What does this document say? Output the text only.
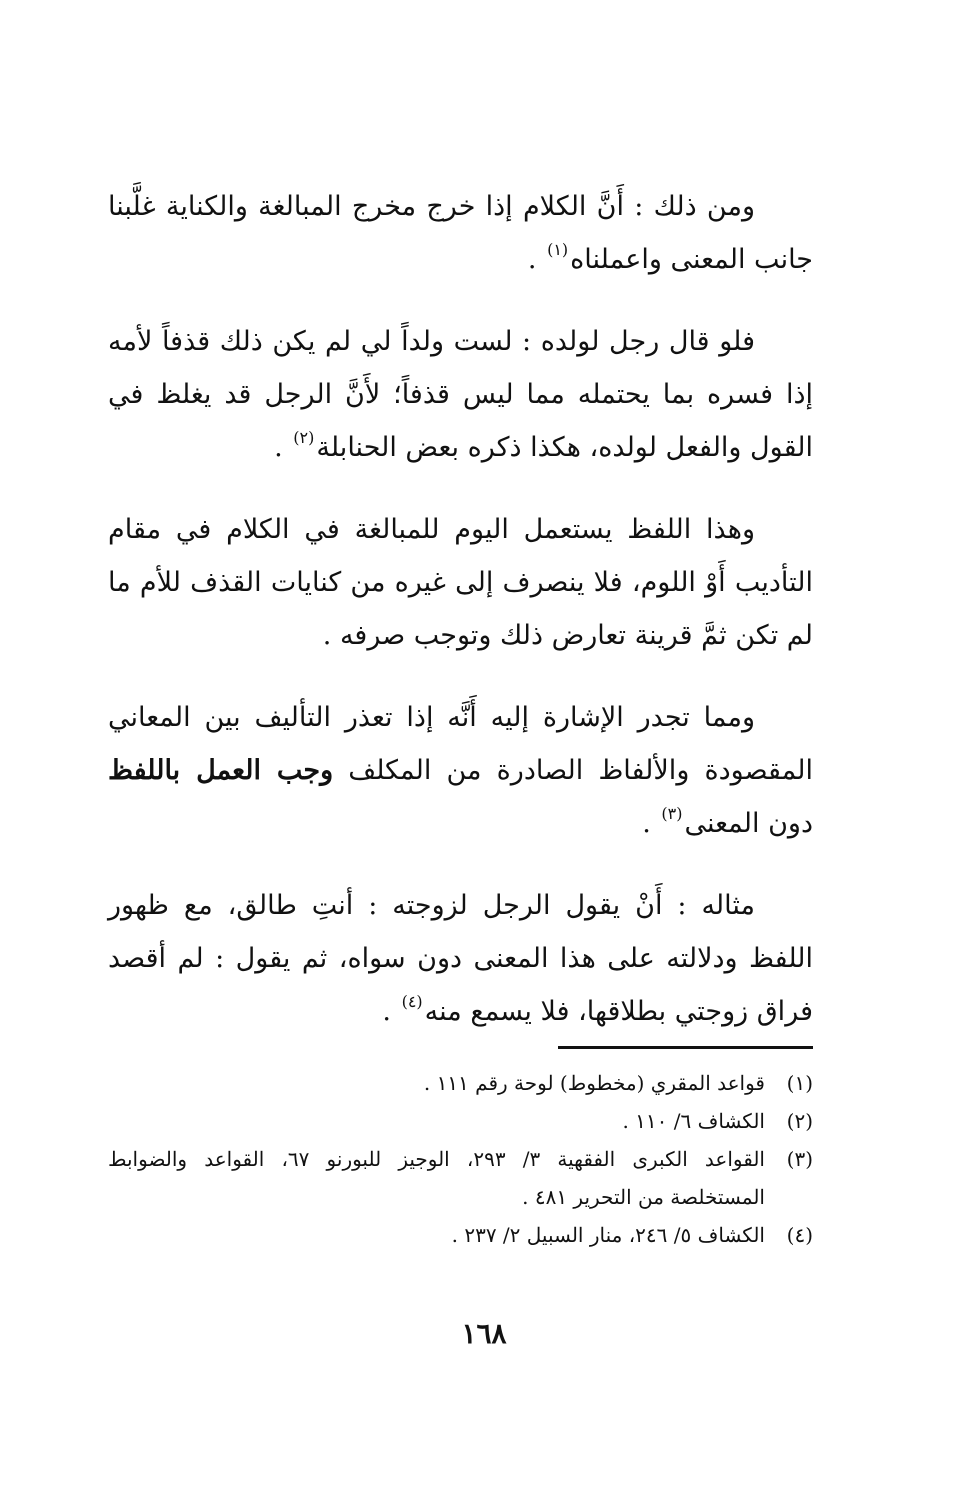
ومن ذلك : أَنَّ الكلام إذا خرج مخرج المبالغة والكناية غلَّبنا جانب المعنى واعملناه$^{(١)}$ .

فلو قال رجل لولده : لست ولداً لي لم يكن ذلك قذفاً لأمه إذا فسره بما يحتمله مما ليس قذفاً؛ لأَنَّ الرجل قد يغلظ في القول والفعل لولده، هكذا ذكره بعض الحنابلة$^{(٢)}$ .

وهذا اللفظ يستعمل اليوم للمبالغة في الكلام في مقام التأديب أَوْ اللوم، فلا ينصرف إلى غيره من كنايات القذف للأم ما لم تكن ثمَّ قرينة تعارض ذلك وتوجب صرفه .

ومما تجدر الإشارة إليه أَنَّه إذا تعذر التأليف بين المعاني المقصودة والألفاظ الصادرة من المكلف وجب العمل باللفظ دون المعنى$^{(٣)}$ .

مثاله : أَنْ يقول الرجل لزوجته : أنتِ طالق، مع ظهور اللفظ ودلالته على هذا المعنى دون سواه، ثم يقول : لم أقصد فراق زوجتي بطلاقها، فلا يسمع منه$^{(٤)}$ .

(١)
قواعد المقري (مخطوط) لوحة رقم ١١١ .
(٢)
الكشاف ٦/ ١١٠ .
(٣)
القواعد الكبرى الفقهية ٣/ ٢٩٣، الوجيز للبورنو ٦٧، القواعد والضوابط المستخلصة من التحرير ٤٨١ .
(٤)
الكشاف ٥/ ٢٤٦، منار السبيل ٢/ ٢٣٧ .
١٦٨
